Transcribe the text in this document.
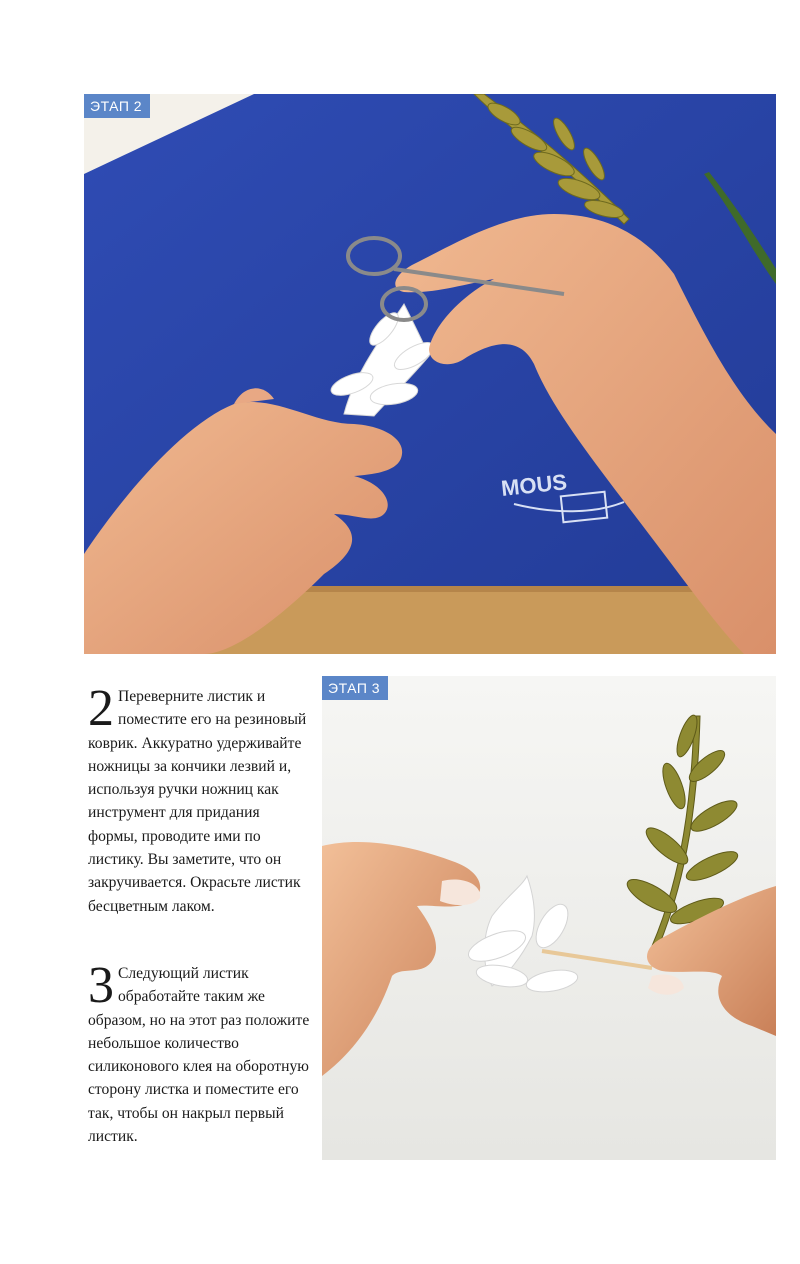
MOUS
ЭТАП 2
ЭТАП 3

2 Переверните листик и поместите его на резиновый коврик. Аккуратно удерживайте ножницы за кончики лезвий и, используя ручки ножниц как инструмент для придания формы, проводите ими по листику. Вы заметите, что он закручивается. Окрасьте листик бесцветным лаком.

3 Следующий листик обработайте таким же образом, но на этот раз положите небольшое количество силиконового клея на оборотную сторону листка и поместите его так, чтобы он накрыл первый листик.
